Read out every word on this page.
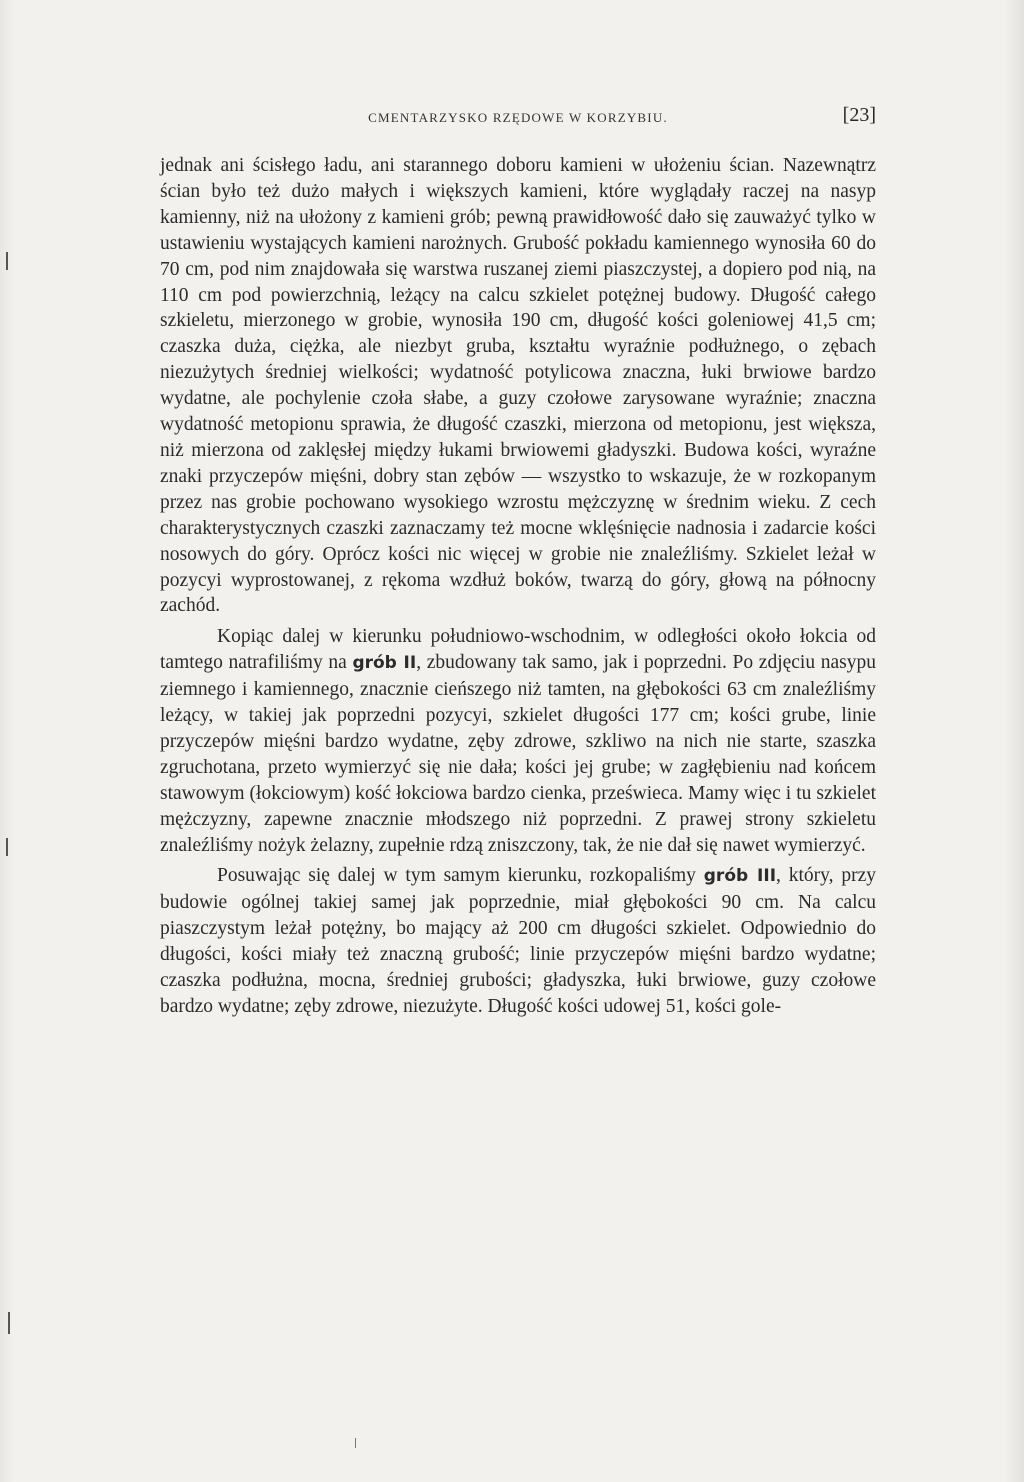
CMENTARZYSKO RZĘDOWE W KORZYBIU.	[23]

jednak ani ścisłego ładu, ani starannego doboru kamieni w ułożeniu ścian. Nazewnątrz ścian było też dużo małych i większych kamieni, które wyglądały raczej na nasyp kamienny, niż na ułożony z kamieni grób; pewną prawidłowość dało się zauważyć tylko w ustawieniu wystających kamieni narożnych. Grubość pokładu kamiennego wynosiła 60 do 70 cm, pod nim znajdowała się warstwa ruszanej ziemi piaszczystej, a dopiero pod nią, na 110 cm pod powierzchnią, leżący na calcu szkielet potężnej budowy. Długość całego szkieletu, mierzonego w grobie, wynosiła 190 cm, długość kości goleniowej 41,5 cm; czaszka duża, ciężka, ale niezbyt gruba, kształtu wyraźnie podłużnego, o zębach niezużytych średniej wielkości; wydatność potylicowa znaczna, łuki brwiowe bardzo wydatne, ale pochylenie czoła słabe, a guzy czołowe zarysowane wyraźnie; znaczna wydatność metopionu sprawia, że długość czaszki, mierzona od metopionu, jest większa, niż mierzona od zaklęsłej między łukami brwiowemi gładyszki. Budowa kości, wyraźne znaki przyczepów mięśni, dobry stan zębów — wszystko to wskazuje, że w rozkopanym przez nas grobie pochowano wysokiego wzrostu mężczyznę w średnim wieku. Z cech charakterystycznych czaszki zaznaczamy też mocne wklęśnięcie nadnosia i zadarcie kości nosowych do góry. Oprócz kości nic więcej w grobie nie znaleźliśmy. Szkielet leżał w pozycyi wyprostowanej, z rękoma wzdłuż boków, twarzą do góry, głową na północny zachód.

Kopiąc dalej w kierunku południowo-wschodnim, w odległości około łokcia od tamtego natrafiliśmy na grób II, zbudowany tak samo, jak i poprzedni. Po zdjęciu nasypu ziemnego i kamiennego, znacznie cieńszego niż tamten, na głębokości 63 cm znaleźliśmy leżący, w takiej jak poprzedni pozycyi, szkielet długości 177 cm; kości grube, linie przyczepów mięśni bardzo wydatne, zęby zdrowe, szkliwo na nich nie starte, szaszka zgruchotana, przeto wymierzyć się nie dała; kości jej grube; w zagłębieniu nad końcem stawowym (łokciowym) kość łokciowa bardzo cienka, prześwieca. Mamy więc i tu szkielet mężczyzny, zapewne znacznie młodszego niż poprzedni. Z prawej strony szkieletu znaleźliśmy nożyk żelazny, zupełnie rdzą zniszczony, tak, że nie dał się nawet wymierzyć.

Posuwając się dalej w tym samym kierunku, rozkopaliśmy grób III, który, przy budowie ogólnej takiej samej jak poprzednie, miał głębokości 90 cm. Na calcu piaszczystym leżał potężny, bo mający aż 200 cm długości szkielet. Odpowiednio do długości, kości miały też znaczną grubość; linie przyczepów mięśni bardzo wydatne; czaszka podłużna, mocna, średniej grubości; gładyszka, łuki brwiowe, guzy czołowe bardzo wydatne; zęby zdrowe, niezużyte. Długość kości udowej 51, kości gole-
